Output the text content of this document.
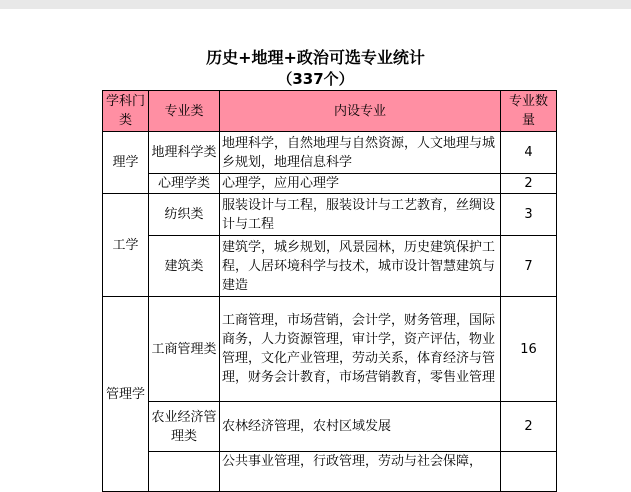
历史+地理+政治可选专业统计
（337个）
学科门类	专业类	内设专业	专业数量
理学	地理科学类	地理科学，自然地理与自然资源，人文地理与城乡规划，地理信息科学	4
	心理学类	心理学，应用心理学	2
工学	纺织类	服装设计与工程，服装设计与工艺教育，丝绸设计与工程	3
	建筑类	建筑学，城乡规划，风景园林，历史建筑保护工程，人居环境科学与技术，城市设计智慧建筑与建造	7
管理学	工商管理类	工商管理，市场营销，会计学，财务管理，国际商务，人力资源管理，审计学，资产评估，物业管理，文化产业管理，劳动关系，体育经济与管理，财务会计教育，市场营销教育，零售业管理	16
	农业经济管理类	农林经济管理，农村区域发展	2
		公共事业管理，行政管理，劳动与社会保障，	
